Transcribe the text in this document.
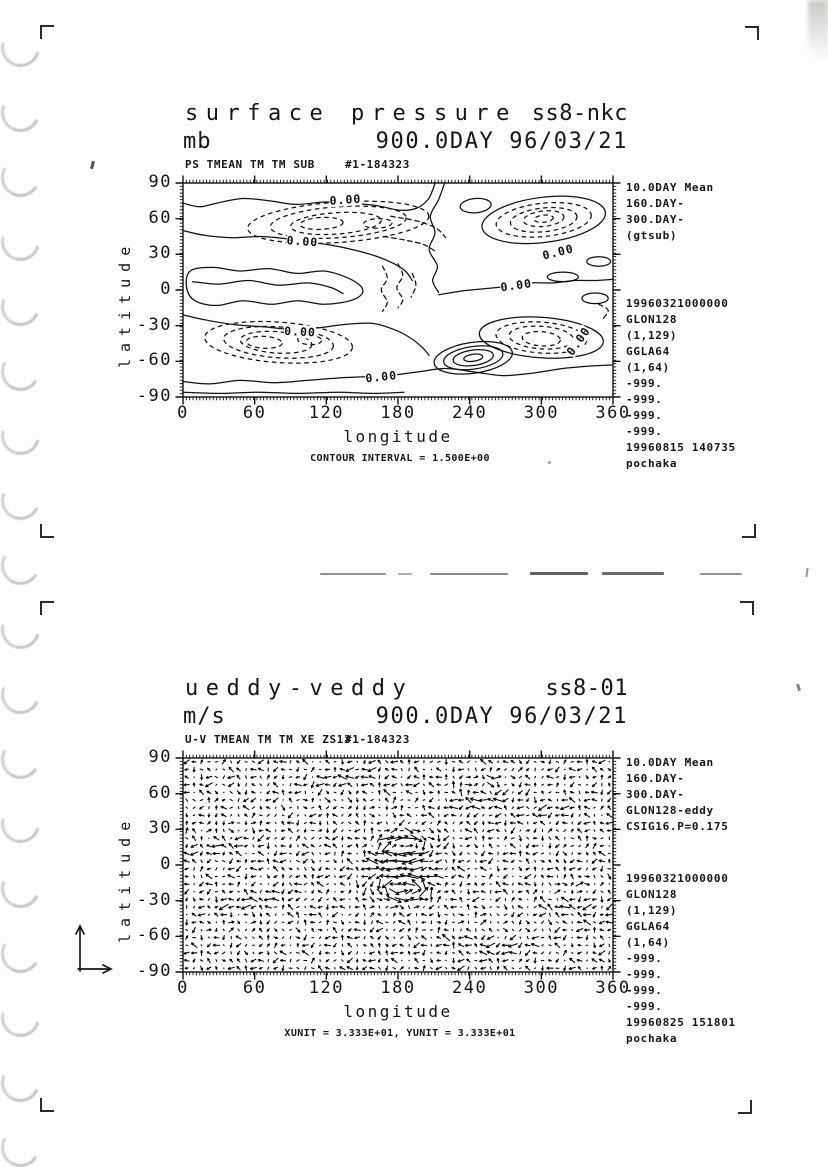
surface pressure ss8-nkc
mb	900.0DAY 96/03/21
PS TMEAN TM TM SUB	#1-184323
0.00
0.00
0.00
0.00
0.00
0.00
0.00
latitude
longitude
CONTOUR INTERVAL = 1.500E+00
10.0DAY Mean
160.DAY-
300.DAY-
(gtsub)
19960321000000
GLON128
(1,129)
GGLA64
(1,64)
-999.
-999.
-999.
-999.
19960815 140735
pochaka
0	60	120	180	240	300	360
90
60
30
0
-30
-60
-90
ueddy-veddy	ss8-01
m/s	900.0DAY 96/03/21
U-V TMEAN TM TM XE ZS13
#1-184323
latitude
longitude
XUNIT = 3.333E+01, YUNIT = 3.333E+01
10.0DAY Mean
160.DAY-
300.DAY-
GLON128-eddy
CSIG16.P=0.175
19960321000000
GLON128
(1,129)
GGLA64
(1,64)
-999.
-999.
-999.
-999.
19960825 151801
pochaka
0	60	120	180	240	300	360
90
60
30
0
-30
-60
-90
